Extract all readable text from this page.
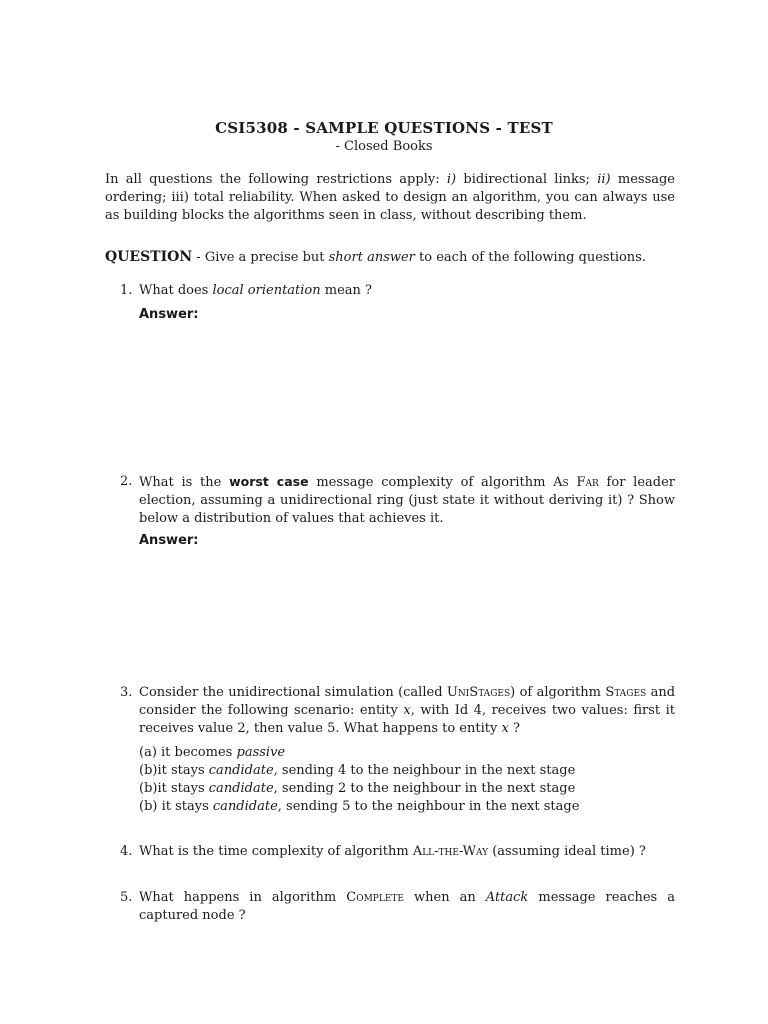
CSI5308 - SAMPLE QUESTIONS - TEST
- Closed Books
In all questions the following restrictions apply: i) bidirectional links; ii) message ordering; iii) total reliability. When asked to design an algorithm, you can always use as building blocks the algorithms seen in class, without describing them.
QUESTION - Give a precise but short answer to each of the following questions.
1. What does local orientation mean ?
Answer:
2. What is the worst case message complexity of algorithm As Far for leader election, assuming a unidirectional ring (just state it without deriving it) ? Show below a distribution of values that achieves it.
Answer:
3. Consider the unidirectional simulation (called UniStages) of algorithm Stages and consider the following scenario: entity x, with Id 4, receives two values: first it receives value 2, then value 5. What happens to entity x ?
(a) it becomes passive
(b)it stays candidate, sending 4 to the neighbour in the next stage
(b)it stays candidate, sending 2 to the neighbour in the next stage
(b) it stays candidate, sending 5 to the neighbour in the next stage
4. What is the time complexity of algorithm All-the-Way (assuming ideal time) ?
5. What happens in algorithm Complete when an Attack message reaches a captured node ?
